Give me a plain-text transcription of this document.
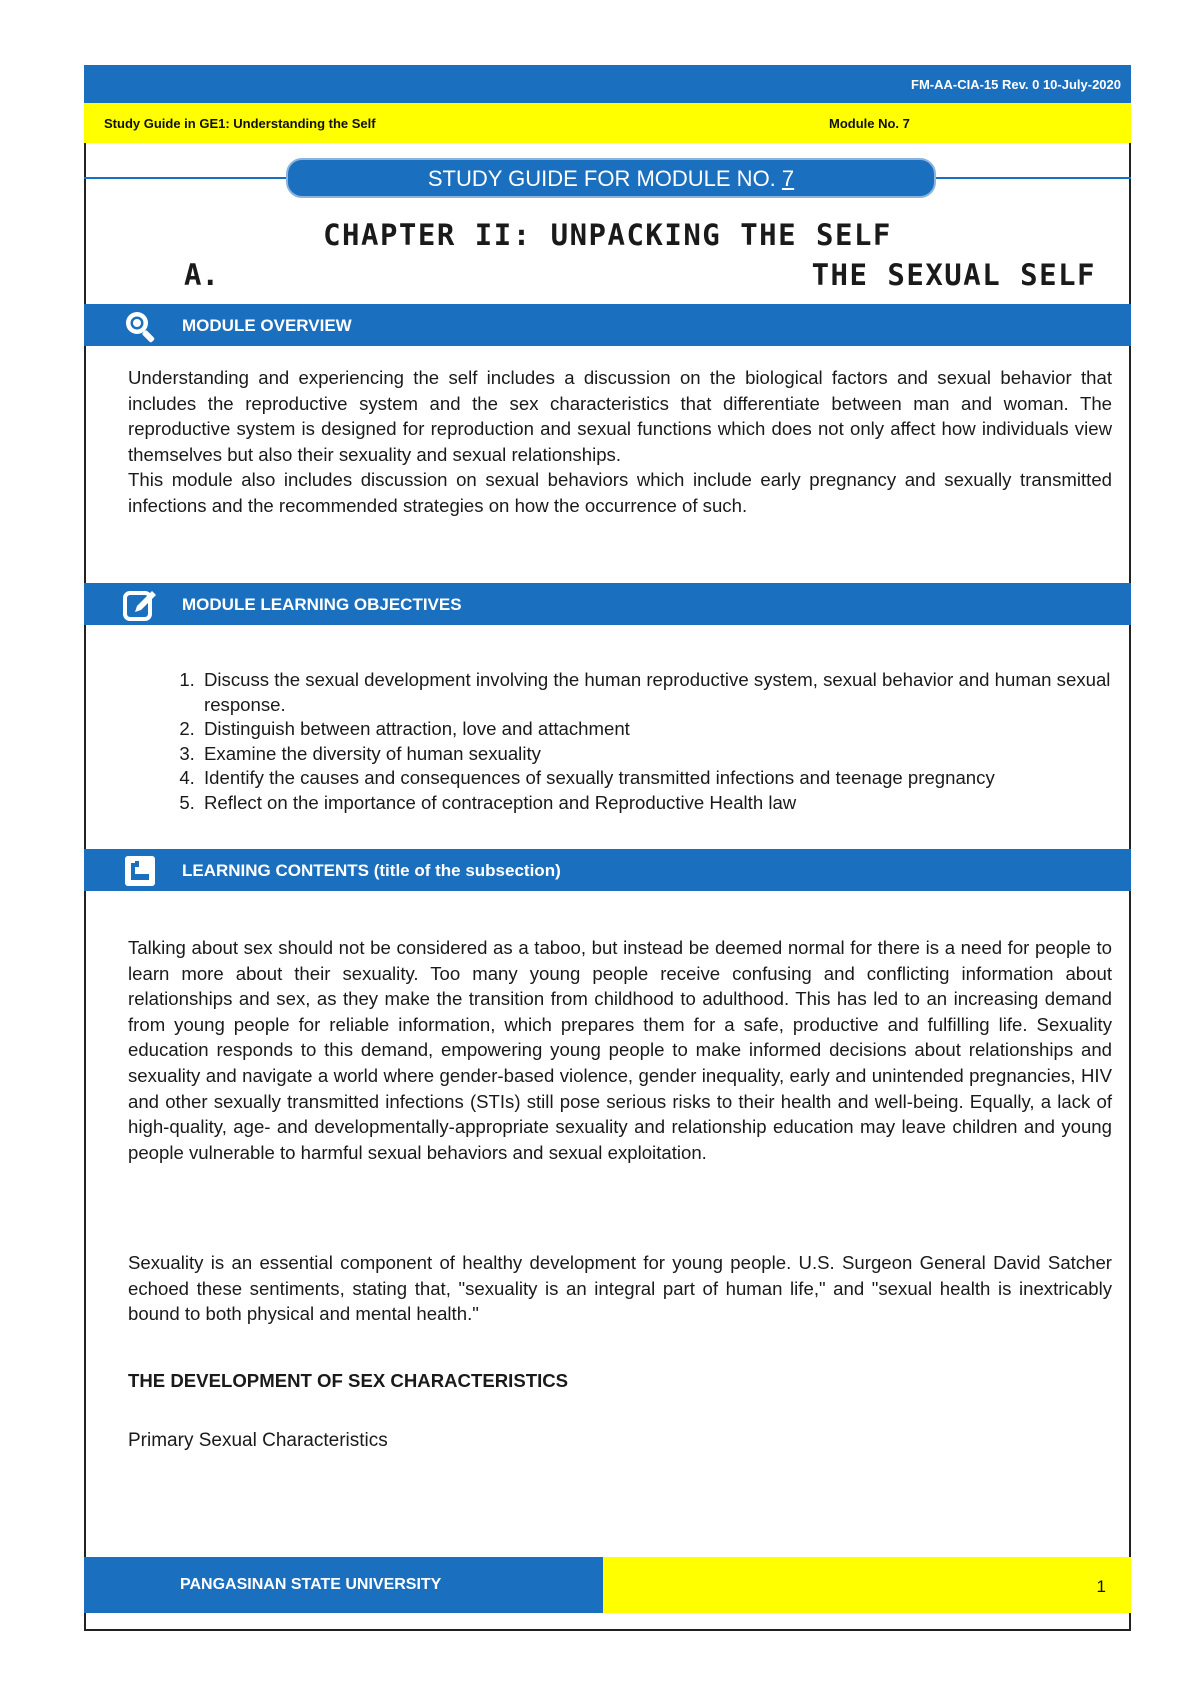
FM-AA-CIA-15 Rev. 0 10-July-2020
Study Guide in GE1: Understanding the Self	Module No. 7
STUDY GUIDE FOR MODULE NO. 7
CHAPTER II: UNPACKING THE SELF
A.	THE SEXUAL SELF
MODULE OVERVIEW

Understanding and experiencing the self includes a discussion on the biological factors and sexual behavior that includes the reproductive system and the sex characteristics that differentiate between man and woman. The reproductive system is designed for reproduction and sexual functions which does not only affect how individuals view themselves but also their sexuality and sexual relationships.

This module also includes discussion on sexual behaviors which include early pregnancy and sexually transmitted infections and the recommended strategies on how the occurrence of such.

MODULE LEARNING OBJECTIVES
1. Discuss the sexual development involving the human reproductive system, sexual behavior and human sexual response.
2. Distinguish between attraction, love and attachment
3. Examine the diversity of human sexuality
4. Identify the causes and consequences of sexually transmitted infections and teenage pregnancy
5. Reflect on the importance of contraception and Reproductive Health law
LEARNING CONTENTS (title of the subsection)
Talking about sex should not be considered as a taboo, but instead be deemed normal for there is a need for people to learn more about their sexuality. Too many young people receive confusing and conflicting information about relationships and sex, as they make the transition from childhood to adulthood. This has led to an increasing demand from young people for reliable information, which prepares them for a safe, productive and fulfilling life. Sexuality education responds to this demand, empowering young people to make informed decisions about relationships and sexuality and navigate a world where gender-based violence, gender inequality, early and unintended pregnancies, HIV and other sexually transmitted infections (STIs) still pose serious risks to their health and well-being. Equally, a lack of high-quality, age- and developmentally-appropriate sexuality and relationship education may leave children and young people vulnerable to harmful sexual behaviors and sexual exploitation.
Sexuality is an essential component of healthy development for young people. U.S. Surgeon General David Satcher echoed these sentiments, stating that, "sexuality is an integral part of human life," and "sexual health is inextricably bound to both physical and mental health."
THE DEVELOPMENT OF SEX CHARACTERISTICS
Primary Sexual Characteristics
PANGASINAN STATE UNIVERSITY	1
